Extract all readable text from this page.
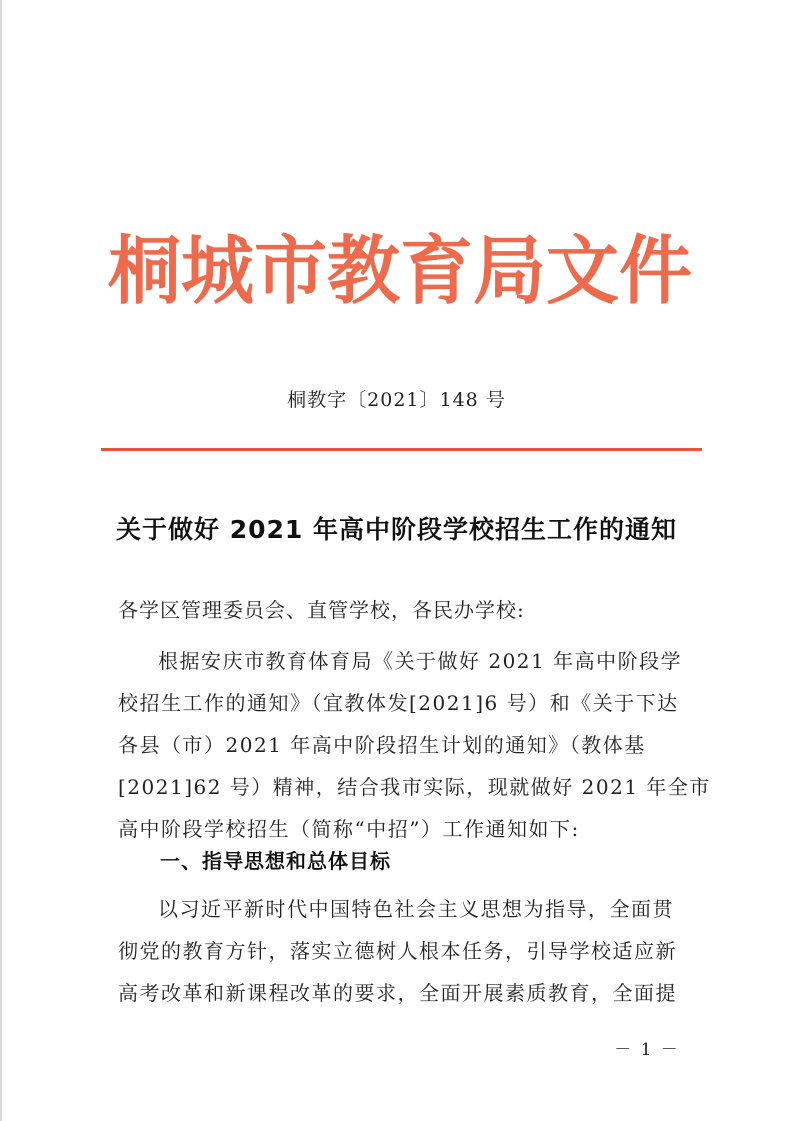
桐城市教育局文件
桐教字〔2021〕148 号
关于做好 2021 年高中阶段学校招生工作的通知
各学区管理委员会、直管学校，各民办学校:
根据安庆市教育体育局《关于做好 2021 年高中阶段学
校招生工作的通知》（宜教体发[2021]6 号）和《关于下达
各县（市）2021 年高中阶段招生计划的通知》（教体基
[2021]62 号）精神，结合我市实际，现就做好 2021 年全市
高中阶段学校招生（简称“中招”）工作通知如下:
一、指导思想和总体目标
以习近平新时代中国特色社会主义思想为指导，全面贯
彻党的教育方针，落实立德树人根本任务，引导学校适应新
高考改革和新课程改革的要求，全面开展素质教育，全面提
－ 1 －
